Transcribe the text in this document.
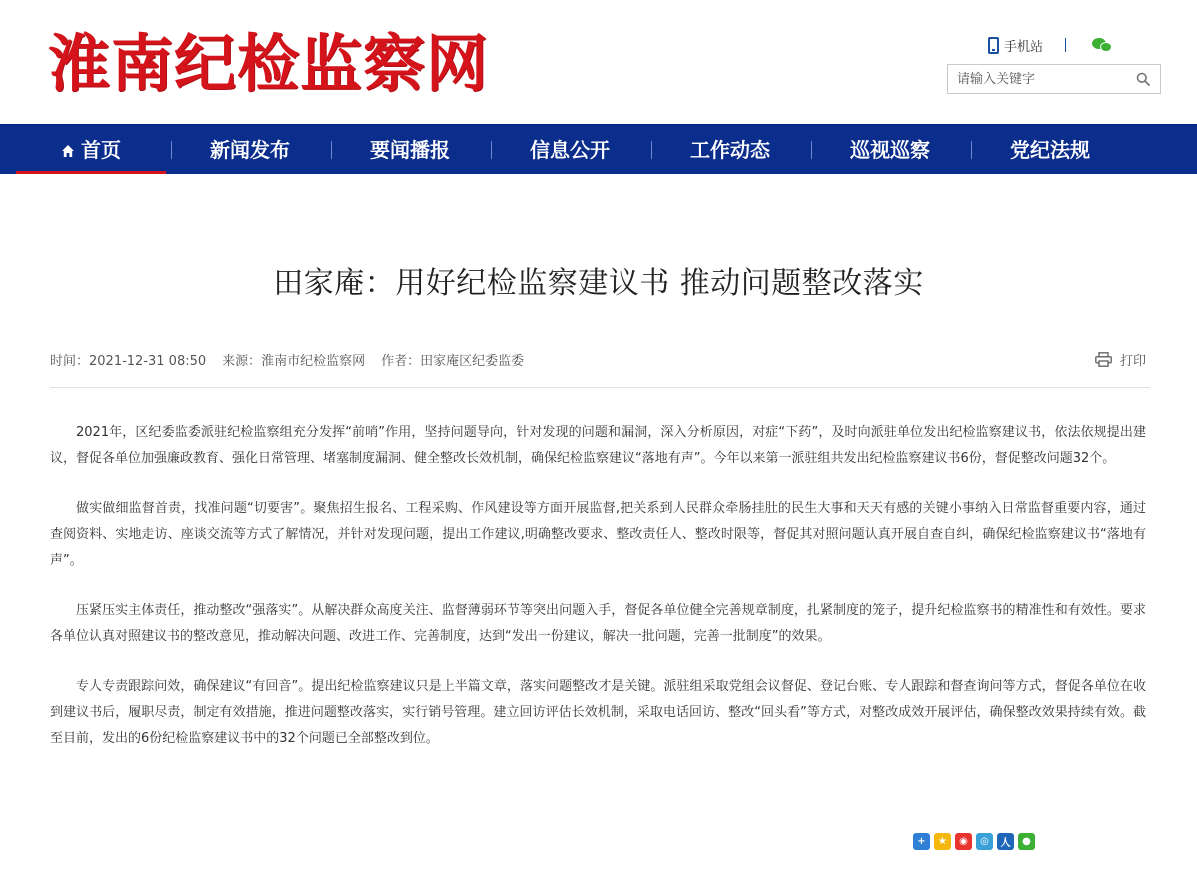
淮南纪检监察网	手机站
请输入关键字
首页	新闻发布	要闻播报	信息公开	工作动态	巡视巡察	党纪法规
田家庵：用好纪检监察建议书 推动问题整改落实
时间：2021-12-31 08:50 来源：淮南市纪检监察网 作者：田家庵区纪委监委	打印

2021年，区纪委监委派驻纪检监察组充分发挥“前哨”作用，坚持问题导向，针对发现的问题和漏洞，深入分析原因，对症“下药”，及时向派驻单位发出纪检监察建议书，依法依规提出建议，督促各单位加强廉政教育、强化日常管理、堵塞制度漏洞、健全整改长效机制，确保纪检监察建议“落地有声”。今年以来第一派驻组共发出纪检监察建议书6份，督促整改问题32个。

做实做细监督首责，找准问题“切要害”。聚焦招生报名、工程采购、作风建设等方面开展监督,把关系到人民群众牵肠挂肚的民生大事和天天有感的关键小事纳入日常监督重要内容，通过查阅资料、实地走访、座谈交流等方式了解情况，并针对发现问题，提出工作建议,明确整改要求、整改责任人、整改时限等，督促其对照问题认真开展自查自纠，确保纪检监察建议书“落地有声”。

压紧压实主体责任，推动整改“强落实”。从解决群众高度关注、监督薄弱环节等突出问题入手，督促各单位健全完善规章制度，扎紧制度的笼子，提升纪检监察书的精准性和有效性。要求各单位认真对照建议书的整改意见，推动解决问题、改进工作、完善制度，达到“发出一份建议，解决一批问题，完善一批制度”的效果。

专人专责跟踪问效，确保建议“有回音”。提出纪检监察建议只是上半篇文章，落实问题整改才是关键。派驻组采取党组会议督促、登记台账、专人跟踪和督查询问等方式，督促各单位在收到建议书后，履职尽责，制定有效措施，推进问题整改落实，实行销号管理。建立回访评估长效机制，采取电话回访、整改“回头看”等方式，对整改成效开展评估，确保整改效果持续有效。截至目前，发出的6份纪检监察建议书中的32个问题已全部整改到位。

+	★	◉	◎	人	●
